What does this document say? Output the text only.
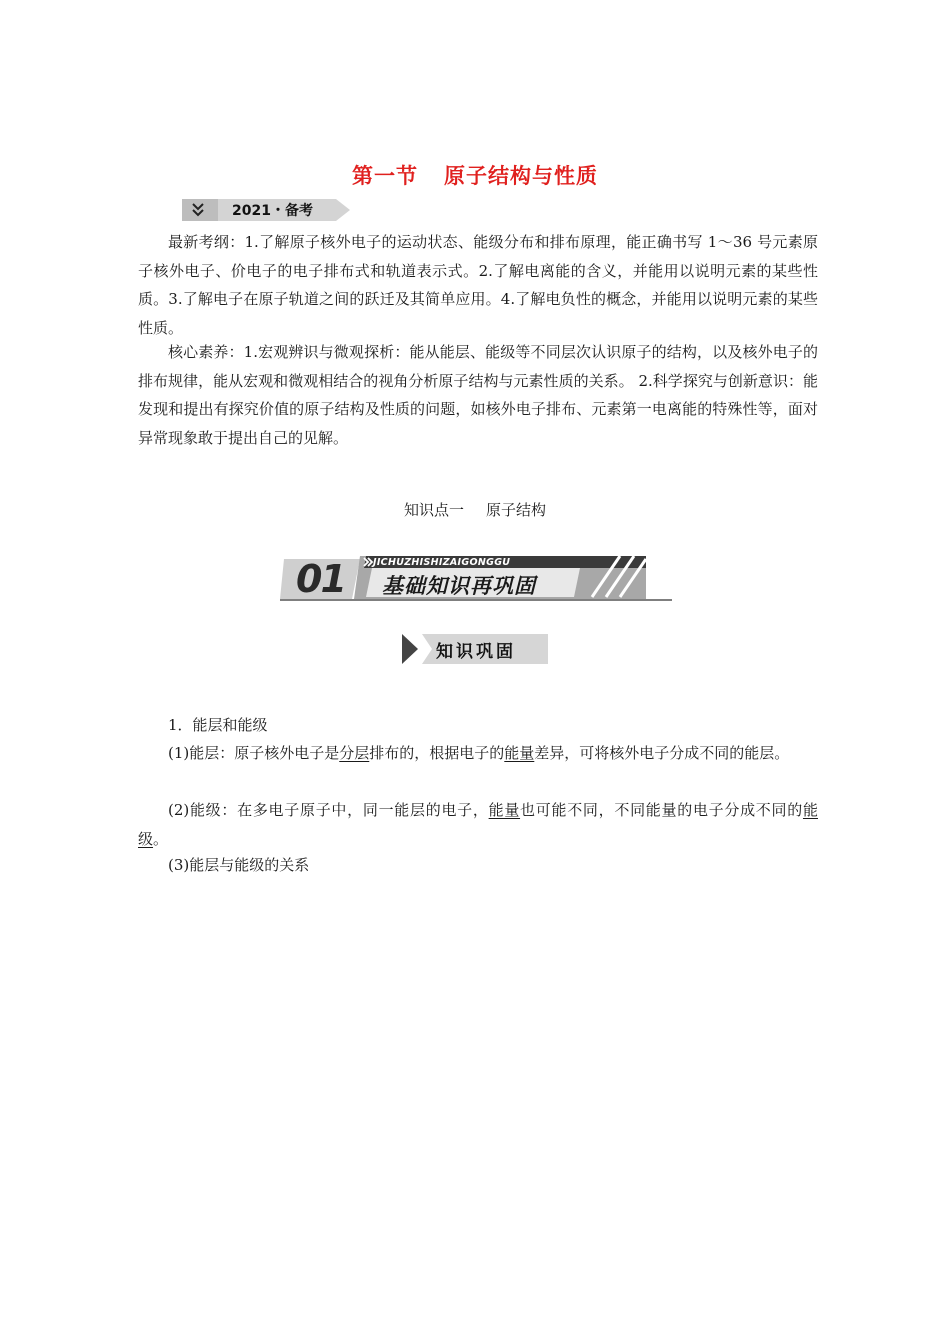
第一节 原子结构与性质
2021・备考

最新考纲：1.了解原子核外电子的运动状态、能级分布和排布原理，能正确书写 1～36 号元素原子核外电子、价电子的电子排布式和轨道表示式。2.了解电离能的含义，并能用以说明元素的某些性质。3.了解电子在原子轨道之间的跃迁及其简单应用。4.了解电负性的概念，并能用以说明元素的某些性质。

核心素养：1.宏观辨识与微观探析：能从能层、能级等不同层次认识原子的结构，以及核外电子的排布规律，能从宏观和微观相结合的视角分析原子结构与元素性质的关系。 2.科学探究与创新意识：能发现和提出有探究价值的原子结构及性质的问题，如核外电子排布、元素第一电离能的特殊性等，面对异常现象敢于提出自己的见解。

知识点一 原子结构
01	JICHUZHISHIZAIGONGGU
基础知识再巩固
知识巩固

1．能层和能级

(1)能层：原子核外电子是分层排布的，根据电子的能量差异，可将核外电子分成不同的能层。

(2)能级：在多电子原子中，同一能层的电子，能量也可能不同，不同能量的电子分成不同的能级。

(3)能层与能级的关系
